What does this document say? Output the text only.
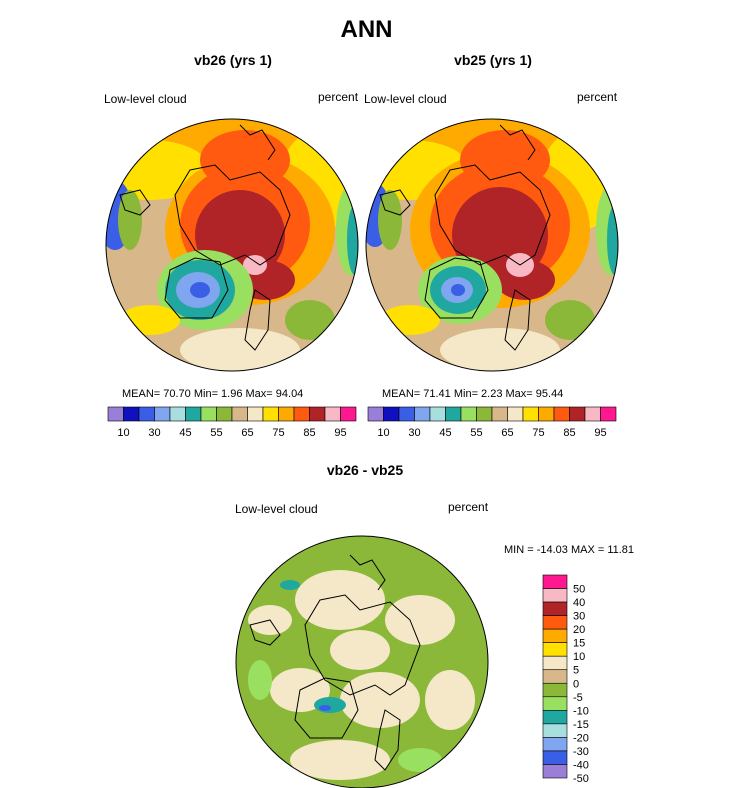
ANN
vb26 (yrs 1)
Low-level cloud	percent
MEAN= 70.70 Min= 1.96 Max= 94.04
vb25 (yrs 1)
Low-level cloud	percent
MEAN= 71.41 Min= 2.23 Max= 95.44
vb26 - vb25
Low-level cloud	percent
MIN = -14.03 MAX = 11.81
10 30 45 55 65 75 85 95	10 30 45 55 65 75 85 95
50
40
30
20
15
10
5
0
-5
-10
-15
-20
-30
-40
-50
